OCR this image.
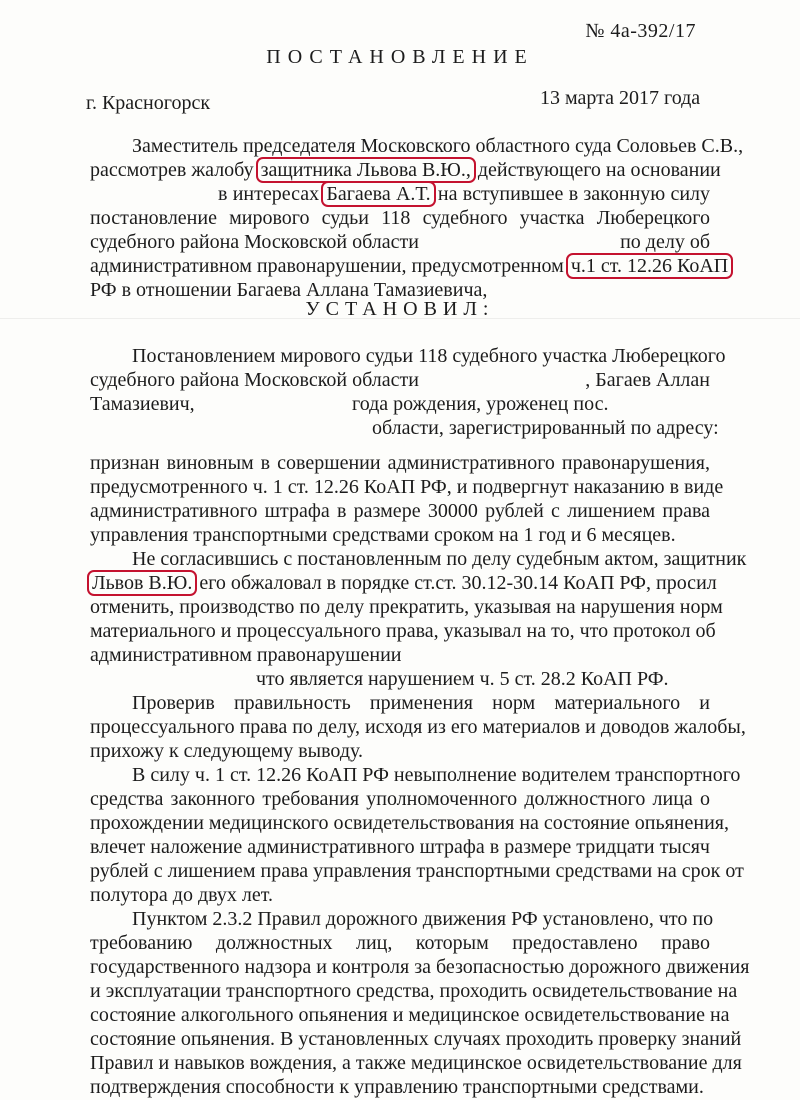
№ 4а-392/17
ПОСТАНОВЛЕНИЕ
г. Красногорск	13 марта 2017 года
Заместитель председателя Московского областного суда Соловьев С.В.,
рассмотрев жалобу защитника Львова В.Ю., действующего на основании
в интересах Багаева А.Т. на вступившее в законную силу
постановление мирового судьи 118 судебного участка Люберецкого
судебного района Московской области	по делу об
административном правонарушении, предусмотренном ч.1 ст. 12.26 КоАП
РФ в отношении Багаева Аллана Тамазиевича,
УСТАНОВИЛ:
Постановлением мирового судьи 118 судебного участка Люберецкого
судебного района Московской области	, Багаев Аллан
Тамазиевич,	года рождения, уроженец пос.
области, зарегистрированный по адресу:
признан виновным в совершении административного правонарушения,
предусмотренного ч. 1 ст. 12.26 КоАП РФ, и подвергнут наказанию в виде
административного штрафа в размере 30000 рублей с лишением права
управления транспортными средствами сроком на 1 год и 6 месяцев.
Не согласившись с постановленным по делу судебным актом, защитник
Львов В.Ю. его обжаловал в порядке ст.ст. 30.12-30.14 КоАП РФ, просил
отменить, производство по делу прекратить, указывая на нарушения норм
материального и процессуального права, указывал на то, что протокол об
административном правонарушении
что является нарушением ч. 5 ст. 28.2 КоАП РФ.
Проверив правильность применения норм материального и
процессуального права по делу, исходя из его материалов и доводов жалобы,
прихожу к следующему выводу.
В силу ч. 1 ст. 12.26 КоАП РФ невыполнение водителем транспортного
средства законного требования уполномоченного должностного лица о
прохождении медицинского освидетельствования на состояние опьянения,
влечет наложение административного штрафа в размере тридцати тысяч
рублей с лишением права управления транспортными средствами на срок от
полутора до двух лет.
Пунктом 2.3.2 Правил дорожного движения РФ установлено, что по
требованию должностных лиц, которым предоставлено право
государственного надзора и контроля за безопасностью дорожного движения
и эксплуатации транспортного средства, проходить освидетельствование на
состояние алкогольного опьянения и медицинское освидетельствование на
состояние опьянения. В установленных случаях проходить проверку знаний
Правил и навыков вождения, а также медицинское освидетельствование для
подтверждения способности к управлению транспортными средствами.
